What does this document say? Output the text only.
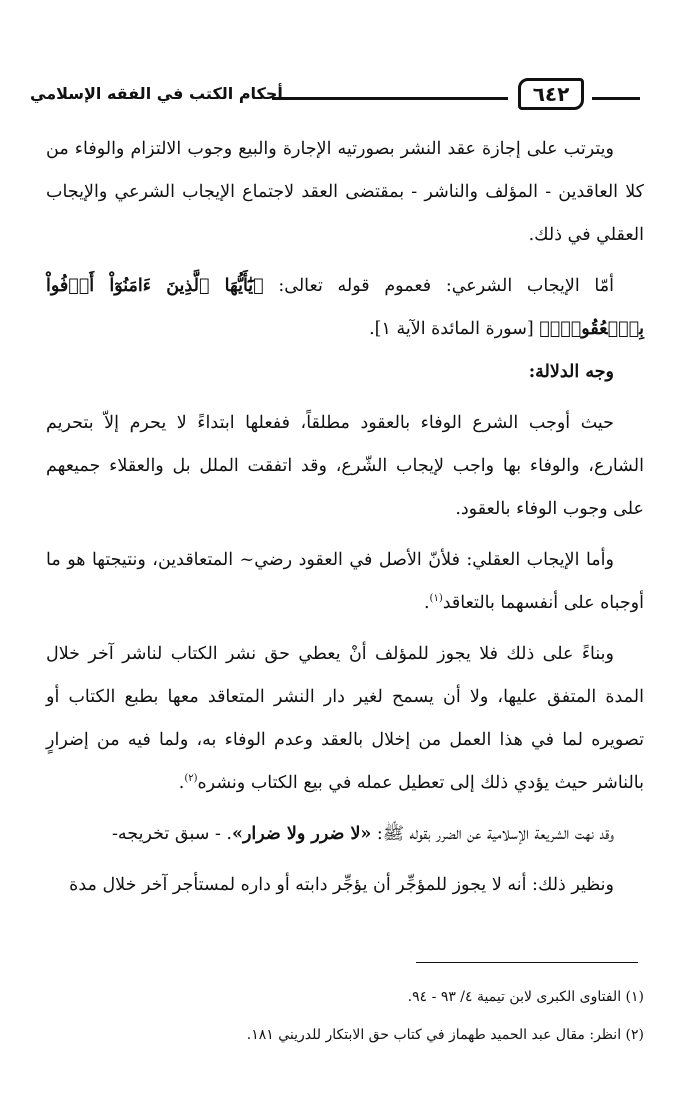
أحكام الكتب في الفقه الإسلامي	٦٤٢

ويترتب على إجازة عقد النشر بصورتيه الإجارة والبيع وجوب الالتزام والوفاء من كلا العاقدين - المؤلف والناشر - بمقتضى العقد لاجتماع الإيجاب الشرعي والإيجاب العقلي في ذلك.

أمّا الإيجاب الشرعي: فعموم قوله تعالى: ﴿يَٰٓأَيُّهَا ٱلَّذِينَ ءَامَنُوٓاْ أَوۡفُواْ بِٱلۡعُقُودِۚ﴾ [سورة المائدة الآية ١].

وجه الدلالة:

حيث أوجب الشرع الوفاء بالعقود مطلقاً، ففعلها ابتداءً لا يحرم إلاّ بتحريم الشارع، والوفاء بها واجب لإيجاب الشّرع، وقد اتفقت الملل بل والعقلاء جميعهم على وجوب الوفاء بالعقود.

وأما الإيجاب العقلي: فلأنّ الأصل في العقود رضي~ المتعاقدين، ونتيجتها هو ما أوجباه على أنفسهما بالتعاقد$^{(١)}$.

وبناءً على ذلك فلا يجوز للمؤلف أنْ يعطي حق نشر الكتاب لناشر آخر خلال المدة المتفق عليها، ولا أن يسمح لغير دار النشر المتعاقد معها بطبع الكتاب أو تصويره لما في هذا العمل من إخلال بالعقد وعدم الوفاء به، ولما فيه من إضرارٍ بالناشر حيث يؤدي ذلك إلى تعطيل عمله في بيع الكتاب ونشره$^{(٢)}$.

وقد نهت الشريعة الإسلامية عن الضرر بقوله ﷺ: «لا ضرر ولا ضرار». - سبق تخريجه-

ونظير ذلك: أنه لا يجوز للمؤجِّر أن يؤجِّر دابته أو داره لمستأجر آخر خلال مدة

(١) الفتاوى الكبرى لابن تيمية ٤/ ٩٣ - ٩٤.

(٢) انظر: مقال عبد الحميد طهماز في كتاب حق الابتكار للدريني ١٨١.
